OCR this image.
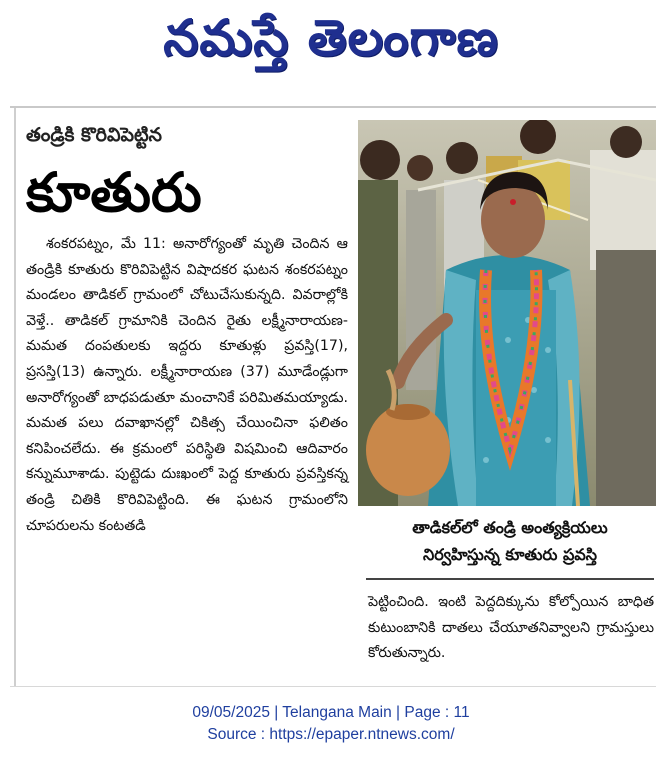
నమస్తే తెలంగాణ
తండ్రికి కొరివిపెట్టిన
కూతురు

శంకరపట్నం, మే 11: అనారోగ్యంతో మృతి చెందిన ఆ తండ్రికి కూతురు కొరివిపెట్టిన విషాదకర ఘటన శంకరపట్నం మండలం తాడికల్ గ్రామంలో చోటుచేసుకున్నది. వివరాల్లోకి వెళ్తే.. తాడికల్ గ్రామానికి చెందిన రైతు లక్ష్మీనారాయణ- మమత దంపతులకు ఇద్దరు కూతుళ్లు ప్రవస్తి(17), ప్రసస్తి(13) ఉన్నారు. లక్ష్మీనారాయణ (37) మూడేండ్లుగా అనారోగ్యంతో బాధపడుతూ మంచానికే పరిమితమయ్యాడు. మమత పలు దవాఖానల్లో చికిత్స చేయించినా ఫలితం కనిపించలేదు. ఈ క్రమంలో పరిస్థితి విషమించి ఆదివారం కన్నుమూశాడు. పుట్టెడు దుఃఖంలో పెద్ద కూతురు ప్రవస్తికన్న తండ్రి చితికి కొరివిపెట్టింది. ఈ ఘటన గ్రామంలోని చూపరులను కంటతడి	తాడికల్‌లో తండ్రి అంత్యక్రియలు
నిర్వహిస్తున్న కూతురు ప్రవస్తి
పెట్టించింది. ఇంటి పెద్దదిక్కును కోల్పోయిన బాధిత కుటుంబానికి దాతలు చేయూతనివ్వాలని గ్రామస్తులు కోరుతున్నారు.
09/05/2025 | Telangana Main | Page : 11
Source : https://epaper.ntnews.com/
